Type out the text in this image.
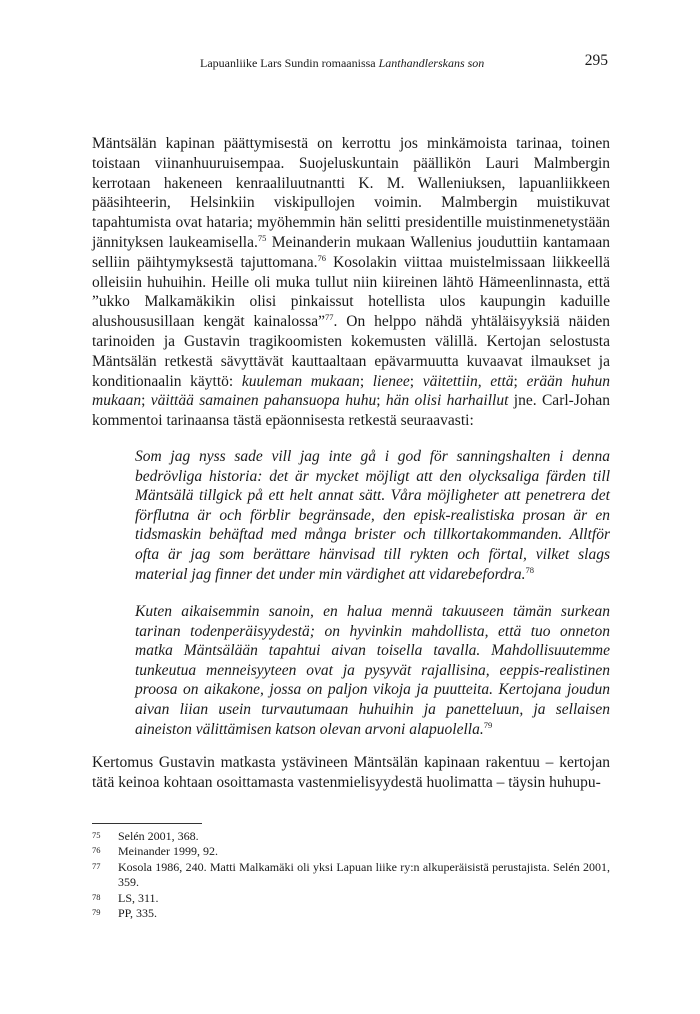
Lapuanliike Lars Sundin romaanissa Lanthandlerskans son	295

Mäntsälän kapinan päättymisestä on kerrottu jos minkämoista tarinaa, toinen toistaan viinanhuuruisempaa. Suojeluskuntain päällikön Lauri Malmbergin kerrotaan hakeneen kenraaliluutnantti K. M. Walleniuksen, lapuanliikkeen pääsihteerin, Helsinkiin viskipullojen voimin. Malmbergin muistikuvat tapahtumista ovat hataria; myöhemmin hän selitti presidentille muistinmenetystään jännityksen laukeamisella.$^{75}$ Meinanderin mukaan Wallenius jouduttiin kantamaan selliin päihtymyksestä tajuttomana.$^{76}$ Kosolakin viittaa muistelmissaan liikkeellä olleisiin huhuihin. Heille oli muka tullut niin kiireinen lähtö Hämeenlinnasta, että ”ukko Malkamäkikin olisi pinkaissut hotellista ulos kaupungin kaduille alushoususillaan kengät kainalossa”$^{77}$. On helppo nähdä yhtäläisyyksiä näiden tarinoiden ja Gustavin tragikoomisten kokemusten välillä. Kertojan selostusta Mäntsälän retkestä sävyttävät kauttaaltaan epävarmuutta kuvaavat ilmaukset ja konditionaalin käyttö: kuuleman mukaan; lienee; väitettiin, että; erään huhun mukaan; väittää samainen pahansuopa huhu; hän olisi harhaillut jne. Carl-Johan kommentoi tarinaansa tästä epäonnisesta retkestä seuraavasti:

Som jag nyss sade vill jag inte gå i god för sanningshalten i denna bedrövliga historia: det är mycket möjligt att den olycksaliga färden till Mäntsälä tillgick på ett helt annat sätt. Våra möjligheter att penetrera det förflutna är och förblir begränsade, den episk-realistiska prosan är en tidsmaskin behäftad med många brister och tillkortakommanden. Alltför ofta är jag som berättare hänvisad till rykten och förtal, vilket slags material jag finner det under min värdighet att vidarebefordra.$^{78}$

Kuten aikaisemmin sanoin, en halua mennä takuuseen tämän surkean tarinan todenperäisyydestä; on hyvinkin mahdollista, että tuo onneton matka Mäntsälään tapahtui aivan toisella tavalla. Mahdollisuutemme tunkeutua menneisyyteen ovat ja pysyvät rajallisina, eeppis-realistinen proosa on aikakone, jossa on paljon vikoja ja puutteita. Kertojana joudun aivan liian usein turvautumaan huhuihin ja panetteluun, ja sellaisen aineiston välittämisen katson olevan arvoni alapuolella.$^{79}$

Kertomus Gustavin matkasta ystävineen Mäntsälän kapinaan rakentuu – kertojan tätä keinoa kohtaan osoittamasta vastenmielisyydestä huolimatta – täysin huhupu-

75	Selén 2001, 368.
76	Meinander 1999, 92.
77	Kosola 1986, 240. Matti Malkamäki oli yksi Lapuan liike ry:n alkuperäisistä perustajista. Selén 2001, 359.
78	LS, 311.
79	PP, 335.
